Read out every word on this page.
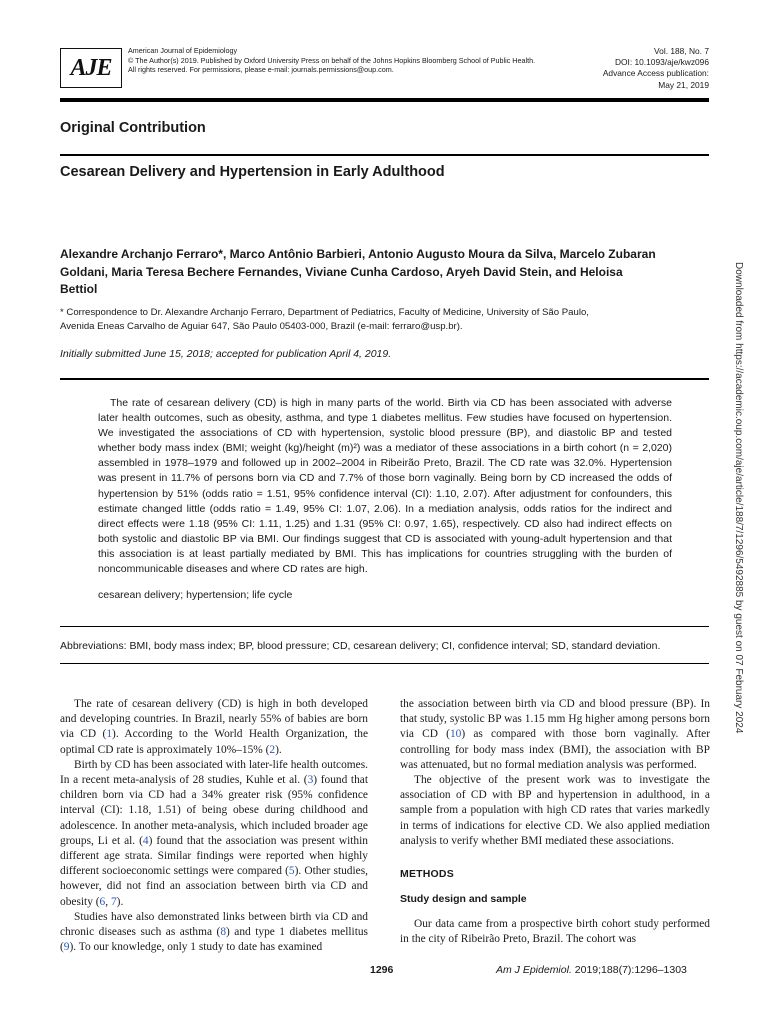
AJE
American Journal of Epidemiology
© The Author(s) 2019. Published by Oxford University Press on behalf of the Johns Hopkins Bloomberg School of Public Health.
All rights reserved. For permissions, please e-mail: journals.permissions@oup.com.
Vol. 188, No. 7
DOI: 10.1093/aje/kwz096
Advance Access publication:
May 21, 2019
Original Contribution
Cesarean Delivery and Hypertension in Early Adulthood
Alexandre Archanjo Ferraro*, Marco Antônio Barbieri, Antonio Augusto Moura da Silva, Marcelo Zubaran Goldani, Maria Teresa Bechere Fernandes, Viviane Cunha Cardoso, Aryeh David Stein, and Heloisa Bettiol
* Correspondence to Dr. Alexandre Archanjo Ferraro, Department of Pediatrics, Faculty of Medicine, University of São Paulo,
Avenida Eneas Carvalho de Aguiar 647, São Paulo 05403-000, Brazil (e-mail: ferraro@usp.br).
Initially submitted June 15, 2018; accepted for publication April 4, 2019.
The rate of cesarean delivery (CD) is high in many parts of the world. Birth via CD has been associated with adverse later health outcomes, such as obesity, asthma, and type 1 diabetes mellitus. Few studies have focused on hypertension. We investigated the associations of CD with hypertension, systolic blood pressure (BP), and diastolic BP and tested whether body mass index (BMI; weight (kg)/height (m)²) was a mediator of these associations in a birth cohort (n = 2,020) assembled in 1978–1979 and followed up in 2002–2004 in Ribeirão Preto, Brazil. The CD rate was 32.0%. Hypertension was present in 11.7% of persons born via CD and 7.7% of those born vaginally. Being born by CD increased the odds of hypertension by 51% (odds ratio = 1.51, 95% confidence interval (CI): 1.10, 2.07). After adjustment for confounders, this estimate changed little (odds ratio = 1.49, 95% CI: 1.07, 2.06). In a mediation analysis, odds ratios for the indirect and direct effects were 1.18 (95% CI: 1.11, 1.25) and 1.31 (95% CI: 0.97, 1.65), respectively. CD also had indirect effects on both systolic and diastolic BP via BMI. Our findings suggest that CD is associated with young-adult hypertension and that this association is at least partially mediated by BMI. This has implications for countries struggling with the burden of noncommunicable diseases and where CD rates are high.
cesarean delivery; hypertension; life cycle
Abbreviations: BMI, body mass index; BP, blood pressure; CD, cesarean delivery; CI, confidence interval; SD, standard deviation.

The rate of cesarean delivery (CD) is high in both developed and developing countries. In Brazil, nearly 55% of babies are born via CD (1). According to the World Health Organization, the optimal CD rate is approximately 10%–15% (2).

Birth by CD has been associated with later-life health outcomes. In a recent meta-analysis of 28 studies, Kuhle et al. (3) found that children born via CD had a 34% greater risk (95% confidence interval (CI): 1.18, 1.51) of being obese during childhood and adolescence. In another meta-analysis, which included broader age groups, Li et al. (4) found that the association was present within different age strata. Similar findings were reported when highly different socioeconomic settings were compared (5). Other studies, however, did not find an association between birth via CD and obesity (6, 7).

Studies have also demonstrated links between birth via CD and chronic diseases such as asthma (8) and type 1 diabetes mellitus (9). To our knowledge, only 1 study to date has examined

the association between birth via CD and blood pressure (BP). In that study, systolic BP was 1.15 mm Hg higher among persons born via CD (10) as compared with those born vaginally. After controlling for body mass index (BMI), the association with BP was attenuated, but no formal mediation analysis was performed.

The objective of the present work was to investigate the association of CD with BP and hypertension in adulthood, in a sample from a population with high CD rates that varies markedly in terms of indications for elective CD. We also applied mediation analysis to verify whether BMI mediated these associations.

METHODS
Study design and sample

Our data came from a prospective birth cohort study performed in the city of Ribeirão Preto, Brazil. The cohort was

1296	Am J Epidemiol. 2019;188(7):1296–1303
Downloaded from https://academic.oup.com/aje/article/188/7/1296/5492885 by guest on 07 February 2024
